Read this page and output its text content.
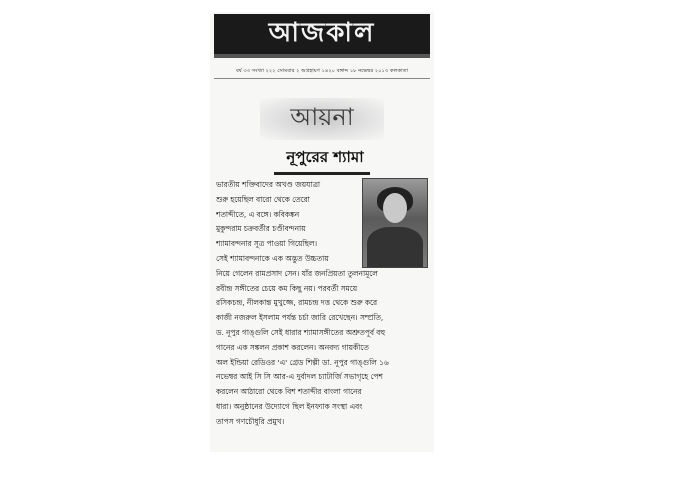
আজকাল
বর্ষ ৩৩ সংখ্যা ২২২ সোমবার ২ অগ্রহায়ণ ১৪২০ বঙ্গাব্দ ১৮ নভেম্বর ২০১৩ কলকাতা
আয়না
নূপুরের শ্যামা
ভারতীয় শক্তিবাদের অখণ্ড জয়যাত্রা
শুরু হয়েছিল বারো থেকে তেরো
শতাব্দীতে, এ বঙ্গে। কবিকঙ্কন
মুকুন্দরাম চক্রবর্তীর চণ্ডীবন্দনায়
শ্যামাবন্দনার সূত্র পাওয়া গিয়েছিল।
সেই শ্যামাবন্দনাকে এক অদ্ভুত উচ্চতায়
নিয়ে গেলেন রামপ্রসাদ সেন। যাঁর জনপ্রিয়তা তুলনামূলে
রবীন্দ্র সঙ্গীতের চেয়ে কম কিছু নয়। পরবর্তী সময়ে
রসিকচন্দ্র, নীলকান্ত মুখুজ্জে, রামচন্দ্র দত্ত থেকে শুরু করে
কাজী নজরুল ইসলাম পর্যন্ত চর্চা জারি রেখেছেন। সম্প্রতি,
ড. নূপুর গাঙ্গুলি সেই ধারার শ্যামাসঙ্গীতের অশ্রুতপূর্ব বহু
গানের এক সঙ্কলন প্রকাশ করলেন। অনবদ্য গায়কীতে
অল ইন্ডিয়া রেডিওর 'এ' গ্রেড শিল্পী ডা. নূপুর গাঙ্গুলি ১৬
নভেম্বর আই সি সি আর-এ দুর্বাদল চ্যাটার্জি সভাগৃহে পেশ
করলেন আঠারো থেকে বিশ শতাব্দীর বাংলা গানের
ধারা। অনুষ্ঠানের উদ্যোগে ছিল ইনফ্যাক সংস্থা এবং
তাপস গণচৌধুরি প্রমুখ।
